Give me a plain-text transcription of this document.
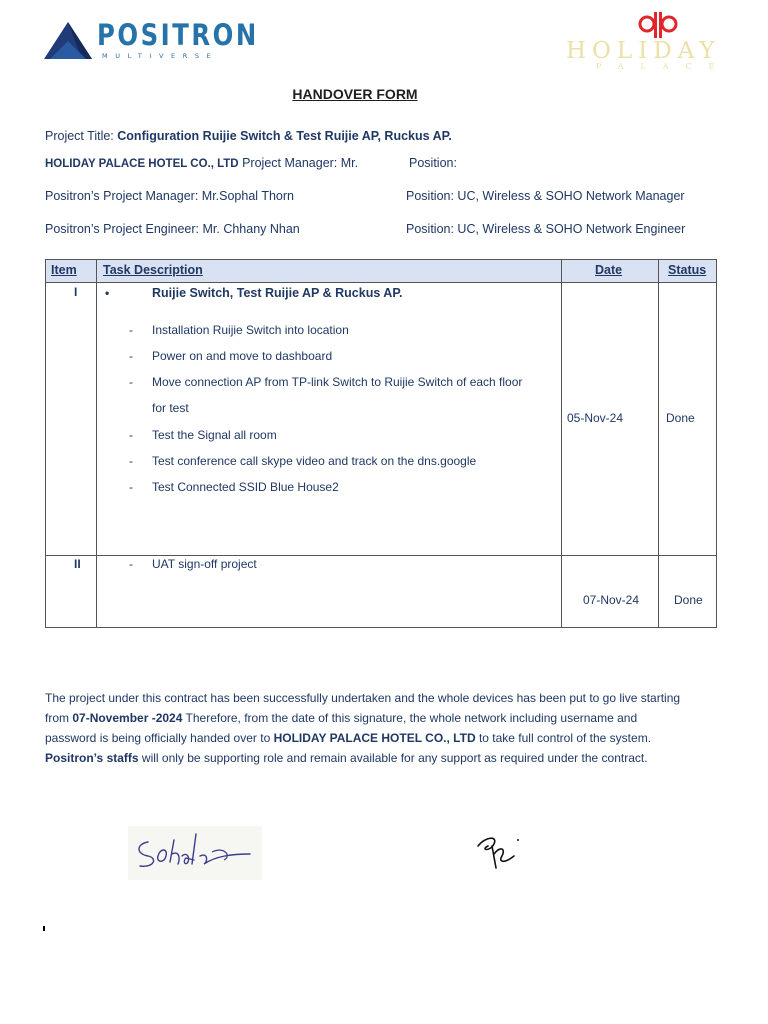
POSITRON
MULTIVERSE	HOLIDAY
PALACE
HANDOVER FORM
Project Title: Configuration Ruijie Switch & Test Ruijie AP, Ruckus AP.
HOLIDAY PALACE HOTEL CO., LTD Project Manager: Mr.	Position:
Positron’s Project Manager: Mr.Sophal Thorn	Position: UC, Wireless & SOHO Network Manager
Positron’s Project Engineer: Mr. Chhany Nhan	Position: UC, Wireless & SOHO Network Engineer
Item Task Description	Date	Status
I •	Ruijie Switch, Test Ruijie AP & Ruckus AP.
- Installation Ruijie Switch into location
- Power on and move to dashboard
- Move connection AP from TP-link Switch to Ruijie Switch of each floor
for test
- Test the Signal all room
- Test conference call skype video and track on the dns.google
- Test Connected SSID Blue House2
05-Nov-24	Done
II	- UAT sign-off project
07-Nov-24	Done
The project under this contract has been successfully undertaken and the whole devices has been put to go live starting
from 07-November -2024 Therefore, from the date of this signature, the whole network including username and
password is being officially handed over to HOLIDAY PALACE HOTEL CO., LTD to take full control of the system.
Positron’s staffs will only be supporting role and remain available for any support as required under the contract.
